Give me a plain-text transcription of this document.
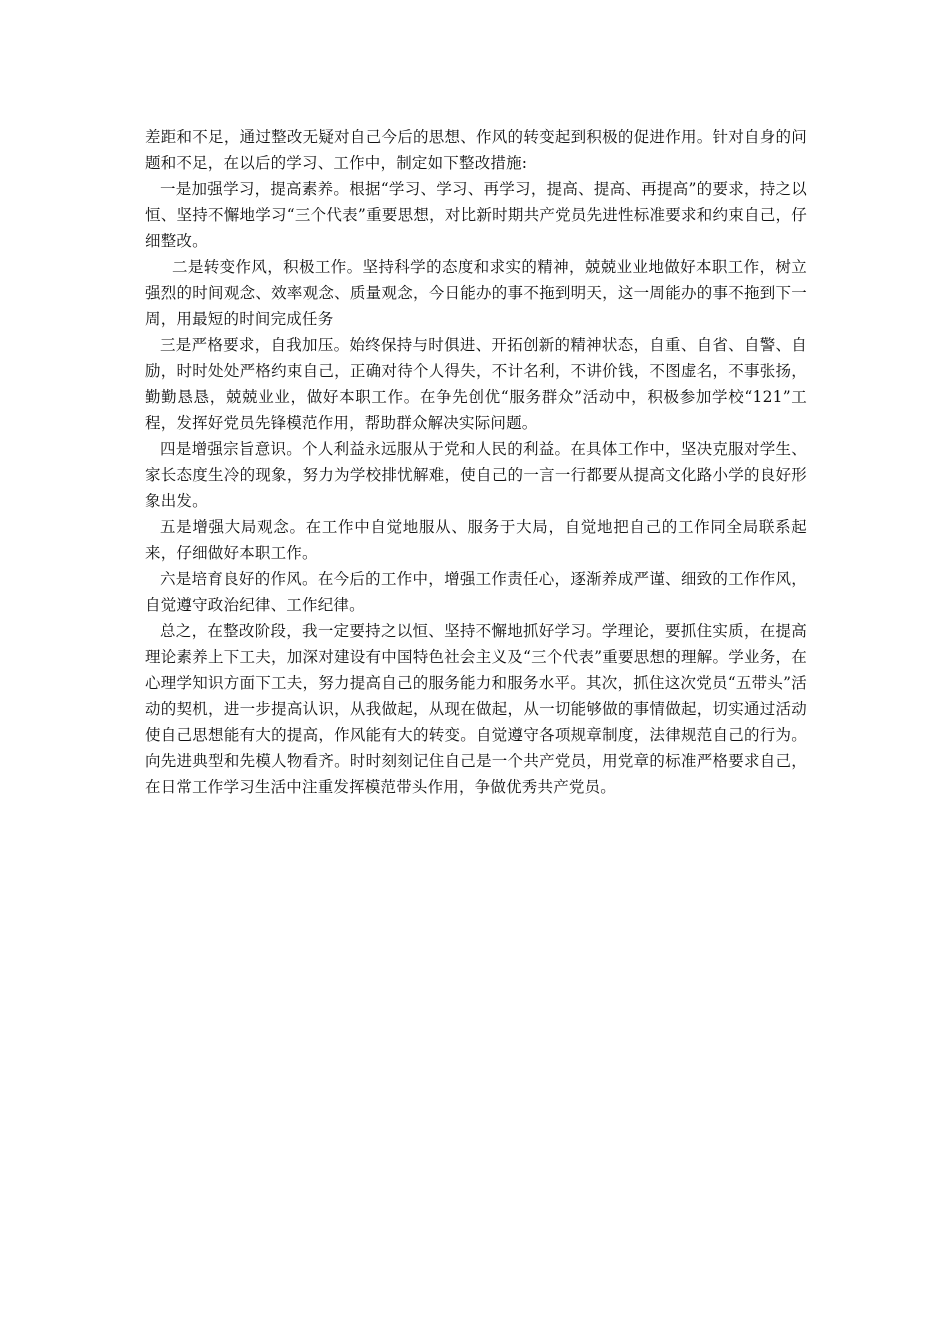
差距和不足，通过整改无疑对自己今后的思想、作风的转变起到积极的促进作用。针对自身的问题和不足，在以后的学习、工作中，制定如下整改措施:

一是加强学习，提高素养。根据“学习、学习、再学习，提高、提高、再提高”的要求，持之以恒、坚持不懈地学习“三个代表”重要思想，对比新时期共产党员先进性标准要求和约束自己，仔细整改。

二是转变作风，积极工作。坚持科学的态度和求实的精神，兢兢业业地做好本职工作，树立强烈的时间观念、效率观念、质量观念，今日能办的事不拖到明天，这一周能办的事不拖到下一周，用最短的时间完成任务

三是严格要求，自我加压。始终保持与时俱进、开拓创新的精神状态，自重、自省、自警、自励，时时处处严格约束自己，正确对待个人得失，不计名利，不讲价钱，不图虚名，不事张扬，勤勤恳恳，兢兢业业，做好本职工作。在争先创优“服务群众”活动中，积极参加学校“121”工程，发挥好党员先锋模范作用，帮助群众解决实际问题。

四是增强宗旨意识。个人利益永远服从于党和人民的利益。在具体工作中，坚决克服对学生、家长态度生冷的现象，努力为学校排忧解难，使自己的一言一行都要从提高文化路小学的良好形象出发。

五是增强大局观念。在工作中自觉地服从、服务于大局，自觉地把自己的工作同全局联系起来，仔细做好本职工作。

六是培育良好的作风。在今后的工作中，增强工作责任心，逐渐养成严谨、细致的工作作风，自觉遵守政治纪律、工作纪律。

总之，在整改阶段，我一定要持之以恒、坚持不懈地抓好学习。学理论，要抓住实质，在提高理论素养上下工夫，加深对建设有中国特色社会主义及“三个代表”重要思想的理解。学业务，在心理学知识方面下工夫，努力提高自己的服务能力和服务水平。其次，抓住这次党员“五带头”活动的契机，进一步提高认识，从我做起，从现在做起，从一切能够做的事情做起，切实通过活动使自己思想能有大的提高，作风能有大的转变。自觉遵守各项规章制度，法律规范自己的行为。向先进典型和先模人物看齐。时时刻刻记住自己是一个共产党员，用党章的标准严格要求自己，在日常工作学习生活中注重发挥模范带头作用，争做优秀共产党员。
